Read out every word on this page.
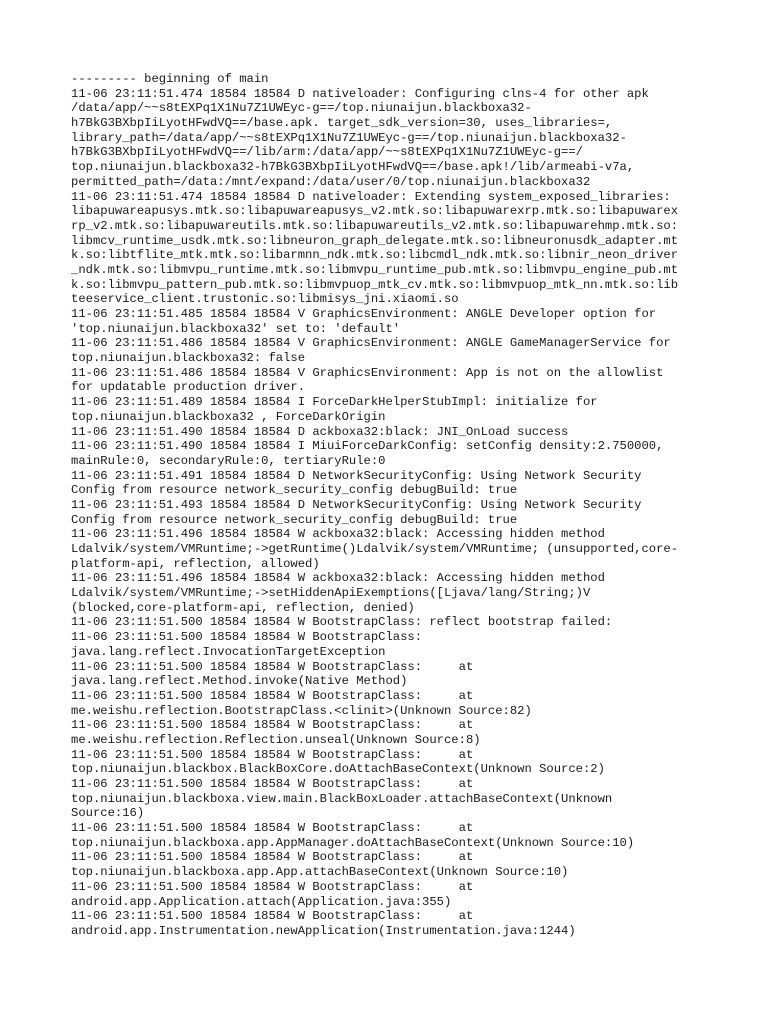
--------- beginning of main
11-06 23:11:51.474 18584 18584 D nativeloader: Configuring clns-4 for other apk
/data/app/~~s8tEXPq1X1Nu7Z1UWEyc-g==/top.niunaijun.blackboxa32-
h7BkG3BXbpIiLyotHFwdVQ==/base.apk. target_sdk_version=30, uses_libraries=,
library_path=/data/app/~~s8tEXPq1X1Nu7Z1UWEyc-g==/top.niunaijun.blackboxa32-
h7BkG3BXbpIiLyotHFwdVQ==/lib/arm:/data/app/~~s8tEXPq1X1Nu7Z1UWEyc-g==/
top.niunaijun.blackboxa32-h7BkG3BXbpIiLyotHFwdVQ==/base.apk!/lib/armeabi-v7a,
permitted_path=/data:/mnt/expand:/data/user/0/top.niunaijun.blackboxa32
11-06 23:11:51.474 18584 18584 D nativeloader: Extending system_exposed_libraries:
libapuwareapusys.mtk.so:libapuwareapusys_v2.mtk.so:libapuwarexrp.mtk.so:libapuwarex
rp_v2.mtk.so:libapuwareutils.mtk.so:libapuwareutils_v2.mtk.so:libapuwarehmp.mtk.so:
libmcv_runtime_usdk.mtk.so:libneuron_graph_delegate.mtk.so:libneuronusdk_adapter.mt
k.so:libtflite_mtk.mtk.so:libarmnn_ndk.mtk.so:libcmdl_ndk.mtk.so:libnir_neon_driver
_ndk.mtk.so:libmvpu_runtime.mtk.so:libmvpu_runtime_pub.mtk.so:libmvpu_engine_pub.mt
k.so:libmvpu_pattern_pub.mtk.so:libmvpuop_mtk_cv.mtk.so:libmvpuop_mtk_nn.mtk.so:lib
teeservice_client.trustonic.so:libmisys_jni.xiaomi.so
11-06 23:11:51.485 18584 18584 V GraphicsEnvironment: ANGLE Developer option for
'top.niunaijun.blackboxa32' set to: 'default'
11-06 23:11:51.486 18584 18584 V GraphicsEnvironment: ANGLE GameManagerService for
top.niunaijun.blackboxa32: false
11-06 23:11:51.486 18584 18584 V GraphicsEnvironment: App is not on the allowlist
for updatable production driver.
11-06 23:11:51.489 18584 18584 I ForceDarkHelperStubImpl: initialize for
top.niunaijun.blackboxa32 , ForceDarkOrigin
11-06 23:11:51.490 18584 18584 D ackboxa32:black: JNI_OnLoad success
11-06 23:11:51.490 18584 18584 I MiuiForceDarkConfig: setConfig density:2.750000,
mainRule:0, secondaryRule:0, tertiaryRule:0
11-06 23:11:51.491 18584 18584 D NetworkSecurityConfig: Using Network Security
Config from resource network_security_config debugBuild: true
11-06 23:11:51.493 18584 18584 D NetworkSecurityConfig: Using Network Security
Config from resource network_security_config debugBuild: true
11-06 23:11:51.496 18584 18584 W ackboxa32:black: Accessing hidden method
Ldalvik/system/VMRuntime;->getRuntime()Ldalvik/system/VMRuntime; (unsupported,core-
platform-api, reflection, allowed)
11-06 23:11:51.496 18584 18584 W ackboxa32:black: Accessing hidden method
Ldalvik/system/VMRuntime;->setHiddenApiExemptions([Ljava/lang/String;)V
(blocked,core-platform-api, reflection, denied)
11-06 23:11:51.500 18584 18584 W BootstrapClass: reflect bootstrap failed:
11-06 23:11:51.500 18584 18584 W BootstrapClass:
java.lang.reflect.InvocationTargetException
11-06 23:11:51.500 18584 18584 W BootstrapClass:     at
java.lang.reflect.Method.invoke(Native Method)
11-06 23:11:51.500 18584 18584 W BootstrapClass:     at
me.weishu.reflection.BootstrapClass.<clinit>(Unknown Source:82)
11-06 23:11:51.500 18584 18584 W BootstrapClass:     at
me.weishu.reflection.Reflection.unseal(Unknown Source:8)
11-06 23:11:51.500 18584 18584 W BootstrapClass:     at
top.niunaijun.blackbox.BlackBoxCore.doAttachBaseContext(Unknown Source:2)
11-06 23:11:51.500 18584 18584 W BootstrapClass:     at
top.niunaijun.blackboxa.view.main.BlackBoxLoader.attachBaseContext(Unknown
Source:16)
11-06 23:11:51.500 18584 18584 W BootstrapClass:     at
top.niunaijun.blackboxa.app.AppManager.doAttachBaseContext(Unknown Source:10)
11-06 23:11:51.500 18584 18584 W BootstrapClass:     at
top.niunaijun.blackboxa.app.App.attachBaseContext(Unknown Source:10)
11-06 23:11:51.500 18584 18584 W BootstrapClass:     at
android.app.Application.attach(Application.java:355)
11-06 23:11:51.500 18584 18584 W BootstrapClass:     at
android.app.Instrumentation.newApplication(Instrumentation.java:1244)
